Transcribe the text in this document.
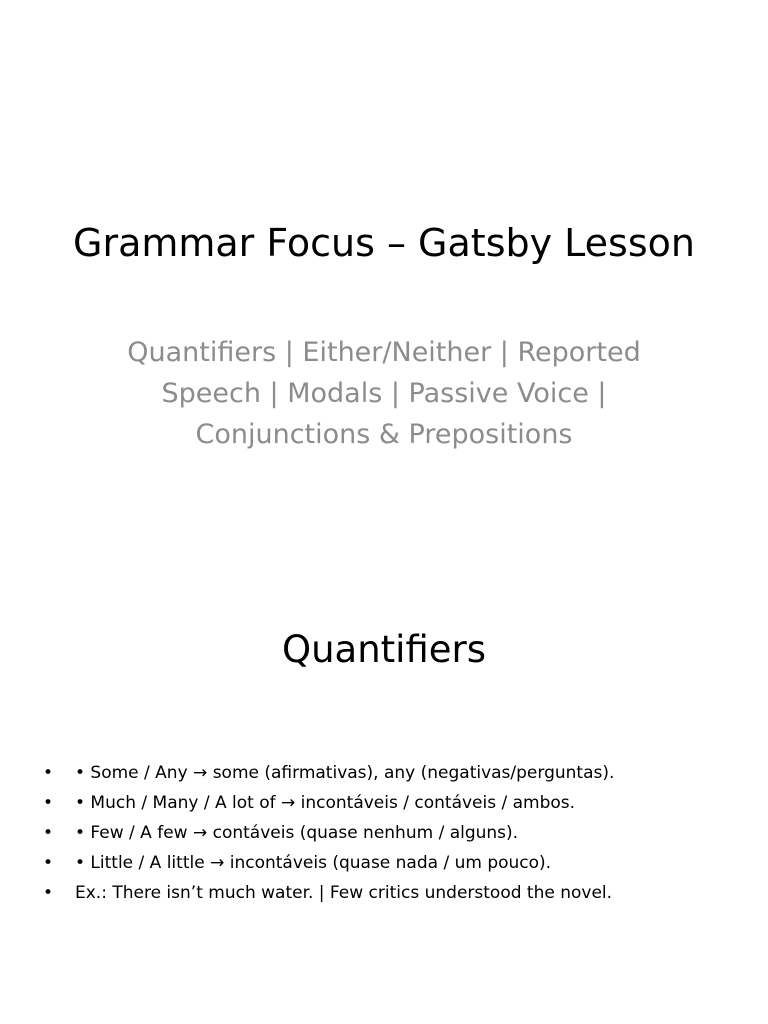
Grammar Focus – Gatsby Lesson

Quantifiers | Either/Neither | Reported Speech | Modals | Passive Voice | Conjunctions & Prepositions

Quantifiers
• • Some / Any → some (afirmativas), any (negativas/perguntas).
• • Much / Many / A lot of → incontáveis / contáveis / ambos.
• • Few / A few → contáveis (quase nenhum / alguns).
• • Little / A little → incontáveis (quase nada / um pouco).
• Ex.: There isn’t much water. | Few critics understood the novel.
